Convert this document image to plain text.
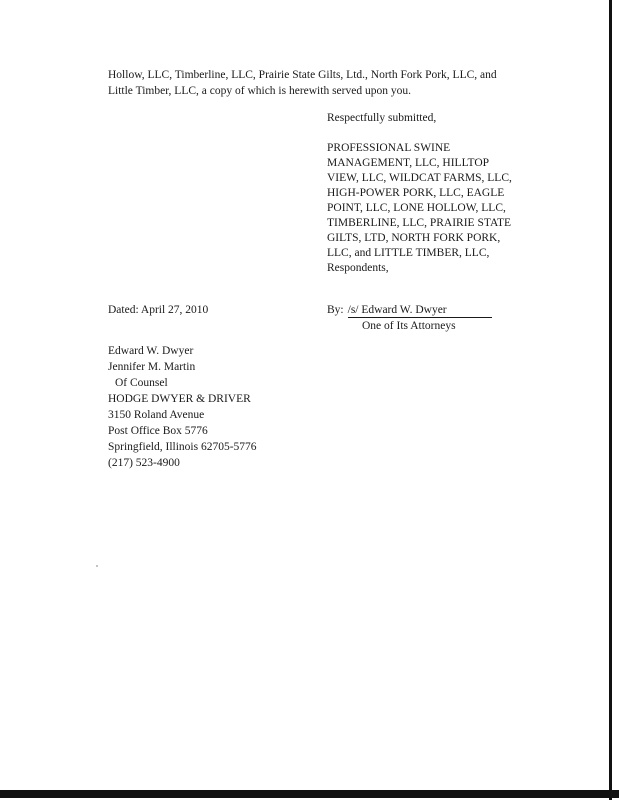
Hollow, LLC, Timberline, LLC, Prairie State Gilts, Ltd., North Fork Pork, LLC, and
Little Timber, LLC, a copy of which is herewith served upon you.
Respectfully submitted,
PROFESSIONAL SWINE
MANAGEMENT, LLC, HILLTOP
VIEW, LLC, WILDCAT FARMS, LLC,
HIGH-POWER PORK, LLC, EAGLE
POINT, LLC, LONE HOLLOW, LLC,
TIMBERLINE, LLC, PRAIRIE STATE
GILTS, LTD, NORTH FORK PORK,
LLC, and LITTLE TIMBER, LLC,
Respondents,
Dated: April 27, 2010	By: /s/ Edward W. Dwyer
One of Its Attorneys
Edward W. Dwyer
Jennifer M. Martin
Of Counsel
HODGE DWYER & DRIVER
3150 Roland Avenue
Post Office Box 5776
Springfield, Illinois 62705-5776
(217) 523-4900
